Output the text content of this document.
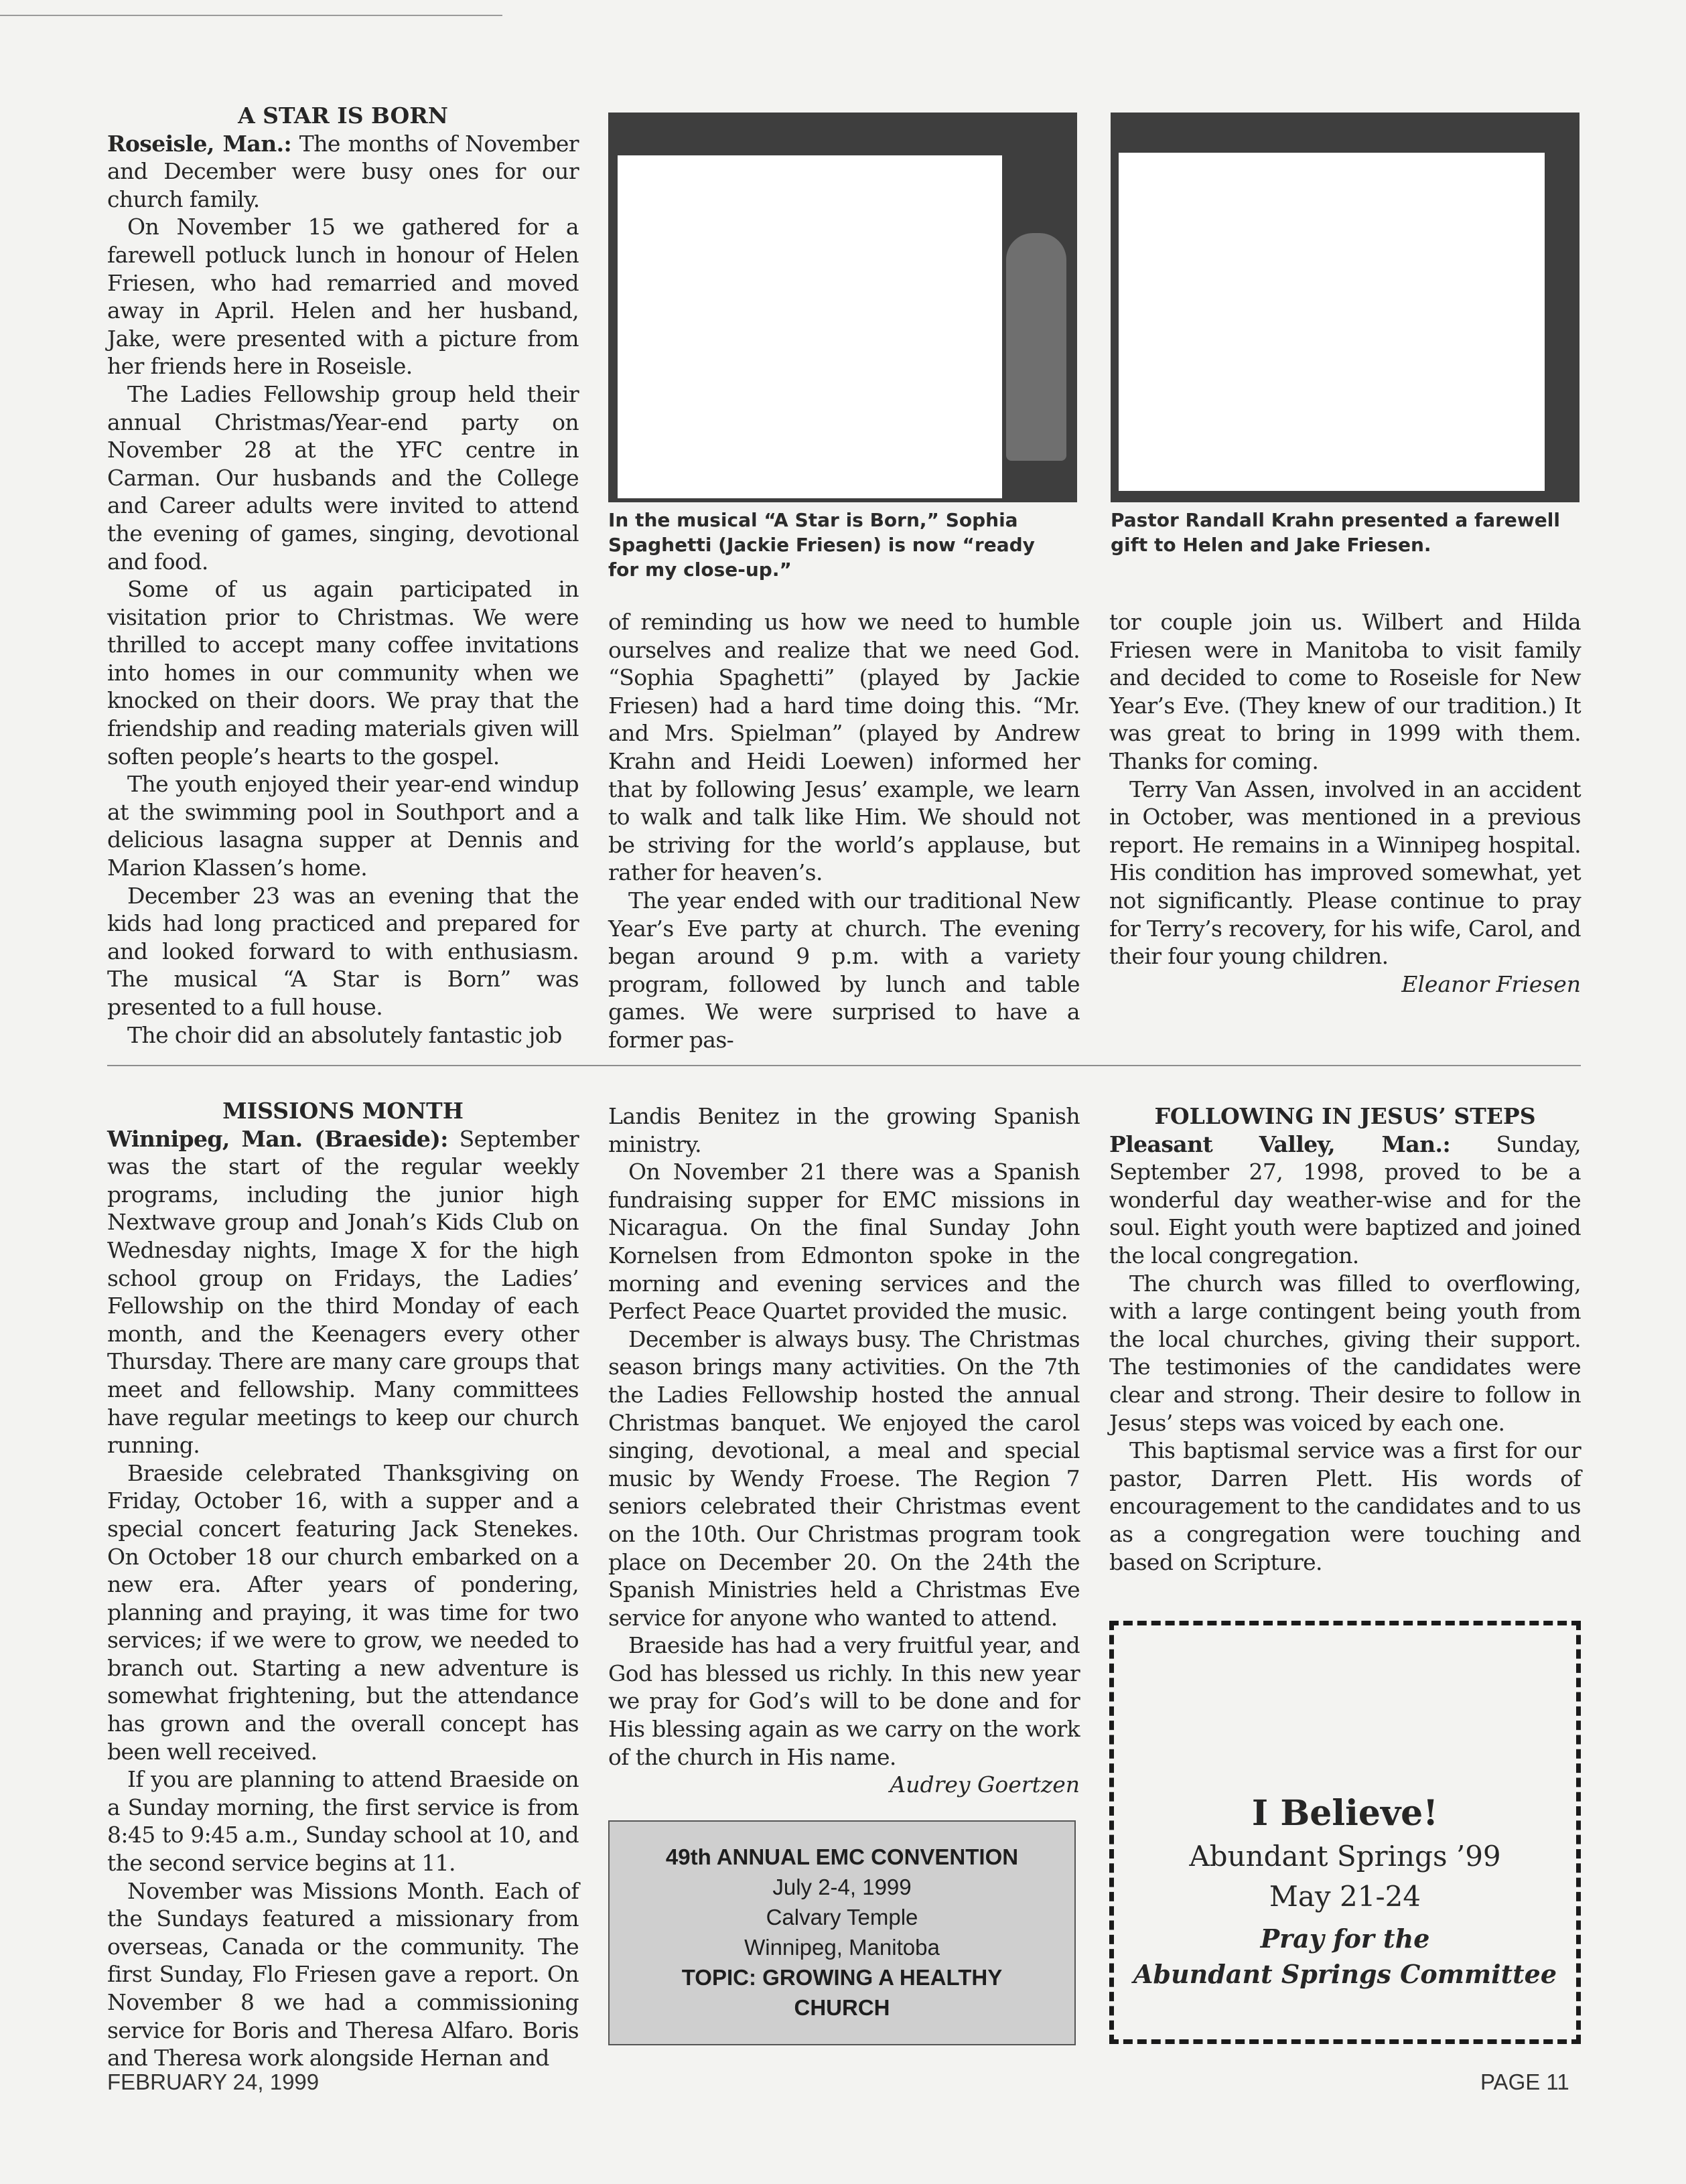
A STAR IS BORN

Roseisle, Man.: The months of November and December were busy ones for our church family.

On November 15 we gathered for a farewell potluck lunch in honour of Helen Friesen, who had remarried and moved away in April. Helen and her husband, Jake, were presented with a picture from her friends here in Roseisle.

The Ladies Fellowship group held their annual Christmas/Year-end party on November 28 at the YFC centre in Carman. Our husbands and the College and Career adults were invited to attend the evening of games, singing, devotional and food.

Some of us again participated in visitation prior to Christmas. We were thrilled to accept many coffee invitations into homes in our community when we knocked on their doors. We pray that the friendship and reading materials given will soften people’s hearts to the gospel.

The youth enjoyed their year-end windup at the swimming pool in Southport and a delicious lasagna supper at Dennis and Marion Klassen’s home.

December 23 was an evening that the kids had long practiced and prepared for and looked forward to with enthusiasm. The musical “A Star is Born” was presented to a full house.

The choir did an absolutely fantastic job

In the musical “A Star is Born,” Sophia Spaghetti (Jackie Friesen) is now “ready for my close-up.”
Pastor Randall Krahn presented a farewell gift to Helen and Jake Friesen.

of reminding us how we need to humble ourselves and realize that we need God. “Sophia Spaghetti” (played by Jackie Friesen) had a hard time doing this. “Mr. and Mrs. Spielman” (played by Andrew Krahn and Heidi Loewen) informed her that by following Jesus’ example, we learn to walk and talk like Him. We should not be striving for the world’s applause, but rather for heaven’s.

The year ended with our traditional New Year’s Eve party at church. The evening began around 9 p.m. with a variety program, followed by lunch and table games. We were surprised to have a former pas-

tor couple join us. Wilbert and Hilda Friesen were in Manitoba to visit family and decided to come to Roseisle for New Year’s Eve. (They knew of our tradition.) It was great to bring in 1999 with them. Thanks for coming.

Terry Van Assen, involved in an accident in October, was mentioned in a previous report. He remains in a Winnipeg hospital. His condition has improved somewhat, yet not significantly. Please continue to pray for Terry’s recovery, for his wife, Carol, and their four young children.

Eleanor Friesen

MISSIONS MONTH

Winnipeg, Man. (Braeside): September was the start of the regular weekly programs, including the junior high Nextwave group and Jonah’s Kids Club on Wednesday nights, Image X for the high school group on Fridays, the Ladies’ Fellowship on the third Monday of each month, and the Keenagers every other Thursday. There are many care groups that meet and fellowship. Many committees have regular meetings to keep our church running.

Braeside celebrated Thanksgiving on Friday, October 16, with a supper and a special concert featuring Jack Stenekes. On October 18 our church embarked on a new era. After years of pondering, planning and praying, it was time for two services; if we were to grow, we needed to branch out. Starting a new adventure is somewhat frightening, but the attendance has grown and the overall concept has been well received.

If you are planning to attend Braeside on a Sunday morning, the first service is from 8:45 to 9:45 a.m., Sunday school at 10, and the second service begins at 11.

November was Missions Month. Each of the Sundays featured a missionary from overseas, Canada or the community. The first Sunday, Flo Friesen gave a report. On November 8 we had a commissioning service for Boris and Theresa Alfaro. Boris and Theresa work alongside Hernan and

Landis Benitez in the growing Spanish ministry.

On November 21 there was a Spanish fundraising supper for EMC missions in Nicaragua. On the final Sunday John Kornelsen from Edmonton spoke in the morning and evening services and the Perfect Peace Quartet provided the music.

December is always busy. The Christmas season brings many activities. On the 7th the Ladies Fellowship hosted the annual Christmas banquet. We enjoyed the carol singing, devotional, a meal and special music by Wendy Froese. The Region 7 seniors celebrated their Christmas event on the 10th. Our Christmas program took place on December 20. On the 24th the Spanish Ministries held a Christmas Eve service for anyone who wanted to attend.

Braeside has had a very fruitful year, and God has blessed us richly. In this new year we pray for God’s will to be done and for His blessing again as we carry on the work of the church in His name.

Audrey Goertzen

49th ANNUAL EMC CONVENTION
July 2-4, 1999
Calvary Temple
Winnipeg, Manitoba
TOPIC: GROWING A HEALTHY
CHURCH

FOLLOWING IN JESUS’ STEPS

Pleasant Valley, Man.: Sunday, September 27, 1998, proved to be a wonderful day weather-wise and for the soul. Eight youth were baptized and joined the local congregation.

The church was filled to overflowing, with a large contingent being youth from the local churches, giving their support. The testimonies of the candidates were clear and strong. Their desire to follow in Jesus’ steps was voiced by each one.

This baptismal service was a first for our pastor, Darren Plett. His words of encouragement to the candidates and to us as a congregation were touching and based on Scripture.

I Believe!
Abundant Springs ’99
May 21-24
Pray for the
Abundant Springs Committee
FEBRUARY 24, 1999	PAGE 11
